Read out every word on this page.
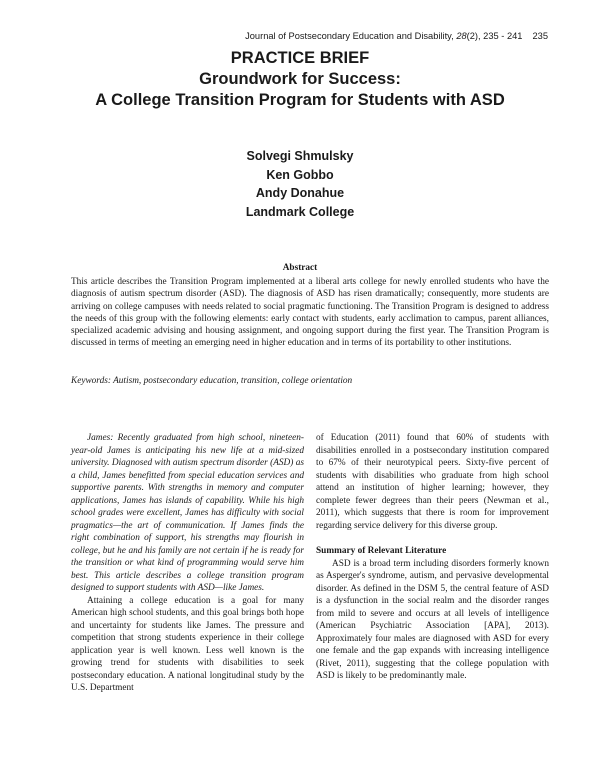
Journal of Postsecondary Education and Disability, 28(2), 235 - 241 235
PRACTICE BRIEF
Groundwork for Success:
A College Transition Program for Students with ASD
Solvegi Shmulsky
Ken Gobbo
Andy Donahue
Landmark College
Abstract
This article describes the Transition Program implemented at a liberal arts college for newly enrolled students who have the diagnosis of autism spectrum disorder (ASD). The diagnosis of ASD has risen dramatically; consequently, more students are arriving on college campuses with needs related to social pragmatic functioning. The Transition Program is designed to address the needs of this group with the following elements: early contact with students, early acclimation to campus, parent alliances, specialized academic advising and housing assignment, and ongoing support during the first year. The Transition Program is discussed in terms of meeting an emerging need in higher education and in terms of its portability to other institutions.
Keywords: Autism, postsecondary education, transition, college orientation

James: Recently graduated from high school, nineteen-year-old James is anticipating his new life at a mid-sized university. Diagnosed with autism spectrum disorder (ASD) as a child, James benefitted from special education services and supportive parents. With strengths in memory and computer applications, James has islands of capability. While his high school grades were excellent, James has difficulty with social pragmatics—the art of communication. If James finds the right combination of support, his strengths may flourish in college, but he and his family are not certain if he is ready for the transition or what kind of programming would serve him best. This article describes a college transition program designed to support students with ASD—like James.

Attaining a college education is a goal for many American high school students, and this goal brings both hope and uncertainty for students like James. The pressure and competition that strong students experience in their college application year is well known. Less well known is the growing trend for students with disabilities to seek postsecondary education. A national longitudinal study by the U.S. Department

of Education (2011) found that 60% of students with disabilities enrolled in a postsecondary institution compared to 67% of their neurotypical peers. Sixty-five percent of students with disabilities who graduate from high school attend an institution of higher learning; however, they complete fewer degrees than their peers (Newman et al., 2011), which suggests that there is room for improvement regarding service delivery for this diverse group.

Summary of Relevant Literature

ASD is a broad term including disorders formerly known as Asperger's syndrome, autism, and pervasive developmental disorder. As defined in the DSM 5, the central feature of ASD is a dysfunction in the social realm and the disorder ranges from mild to severe and occurs at all levels of intelligence (American Psychiatric Association [APA], 2013). Approximately four males are diagnosed with ASD for every one female and the gap expands with increasing intelligence (Rivet, 2011), suggesting that the college population with ASD is likely to be predominantly male.
